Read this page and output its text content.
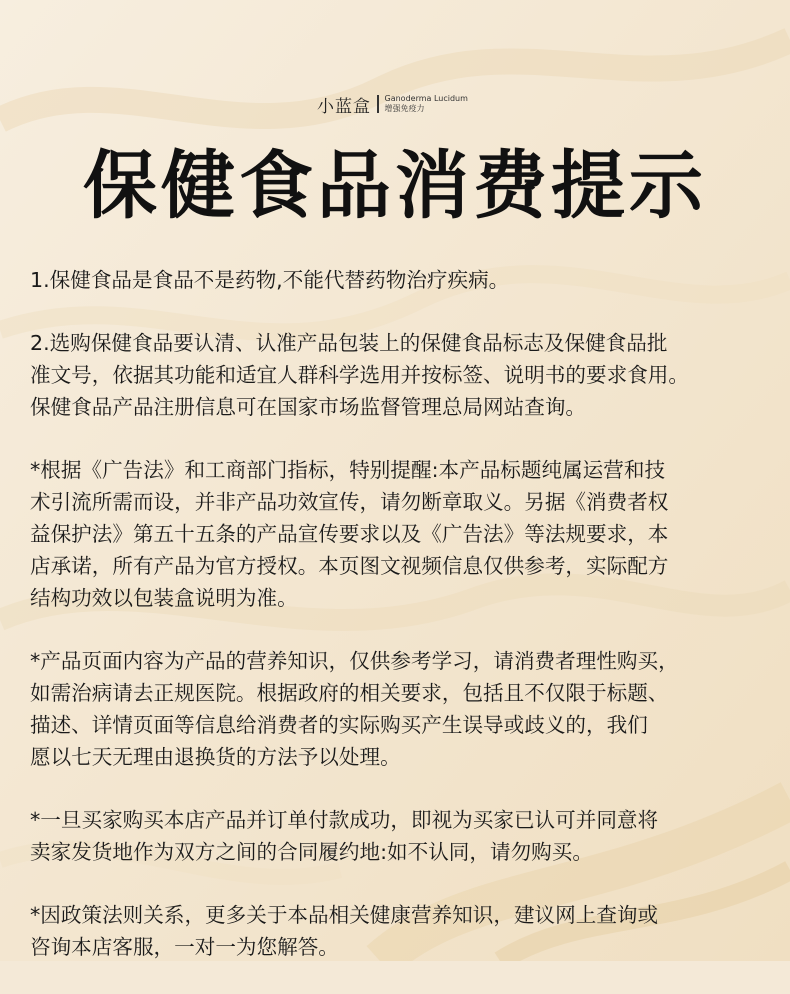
小蓝盒 Ganoderma Lucidum
增强免疫力
保健食品消费提示

1.保健食品是食品不是药物,不能代替药物治疗疾病。

2.选购保健食品要认清、认准产品包装上的保健食品标志及保健食品批
准文号，依据其功能和适宜人群科学选用并按标签、说明书的要求食用。
保健食品产品注册信息可在国家市场监督管理总局网站查询。

*根据《广告法》和工商部门指标，特别提醒:本产品标题纯属运营和技
术引流所需而设，并非产品功效宣传，请勿断章取义。另据《消费者权
益保护法》第五十五条的产品宣传要求以及《广告法》等法规要求，本
店承诺，所有产品为官方授权。本页图文视频信息仅供参考，实际配方
结构功效以包装盒说明为准。

*产品页面内容为产品的营养知识，仅供参考学习，请消费者理性购买，
如需治病请去正规医院。根据政府的相关要求，包括且不仅限于标题、
描述、详情页面等信息给消费者的实际购买产生误导或歧义的，我们
愿以七天无理由退换货的方法予以处理。

*一旦买家购买本店产品并订单付款成功，即视为买家已认可并同意将
卖家发货地作为双方之间的合同履约地:如不认同，请勿购买。

*因政策法则关系，更多关于本品相关健康营养知识，建议网上查询或
咨询本店客服，一对一为您解答。
